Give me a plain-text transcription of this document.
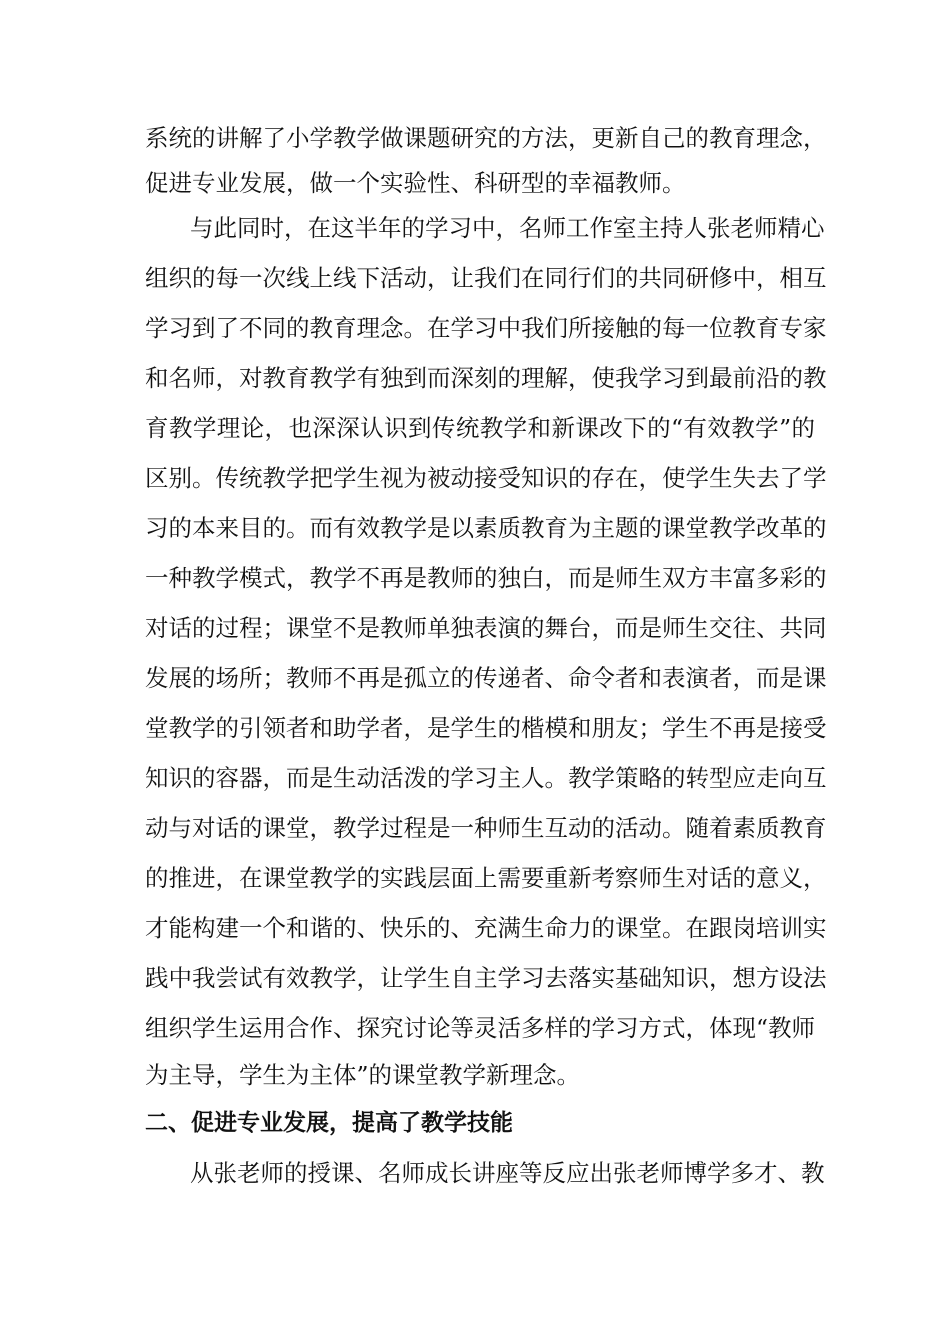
系统的讲解了小学教学做课题研究的方法，更新自己的教育理念，
促进专业发展，做一个实验性、科研型的幸福教师。
与此同时，在这半年的学习中，名师工作室主持人张老师精心
组织的每一次线上线下活动，让我们在同行们的共同研修中，相互
学习到了不同的教育理念。在学习中我们所接触的每一位教育专家
和名师，对教育教学有独到而深刻的理解，使我学习到最前沿的教
育教学理论，也深深认识到传统教学和新课改下的“有效教学”的
区别。传统教学把学生视为被动接受知识的存在，使学生失去了学
习的本来目的。而有效教学是以素质教育为主题的课堂教学改革的
一种教学模式，教学不再是教师的独白，而是师生双方丰富多彩的
对话的过程；课堂不是教师单独表演的舞台，而是师生交往、共同
发展的场所；教师不再是孤立的传递者、命令者和表演者，而是课
堂教学的引领者和助学者，是学生的楷模和朋友；学生不再是接受
知识的容器，而是生动活泼的学习主人。教学策略的转型应走向互
动与对话的课堂，教学过程是一种师生互动的活动。随着素质教育
的推进，在课堂教学的实践层面上需要重新考察师生对话的意义，
才能构建一个和谐的、快乐的、充满生命力的课堂。在跟岗培训实
践中我尝试有效教学，让学生自主学习去落实基础知识，想方设法
组织学生运用合作、探究讨论等灵活多样的学习方式，体现“教师
为主导，学生为主体”的课堂教学新理念。
二、促进专业发展，提高了教学技能
从张老师的授课、名师成长讲座等反应出张老师博学多才、教
